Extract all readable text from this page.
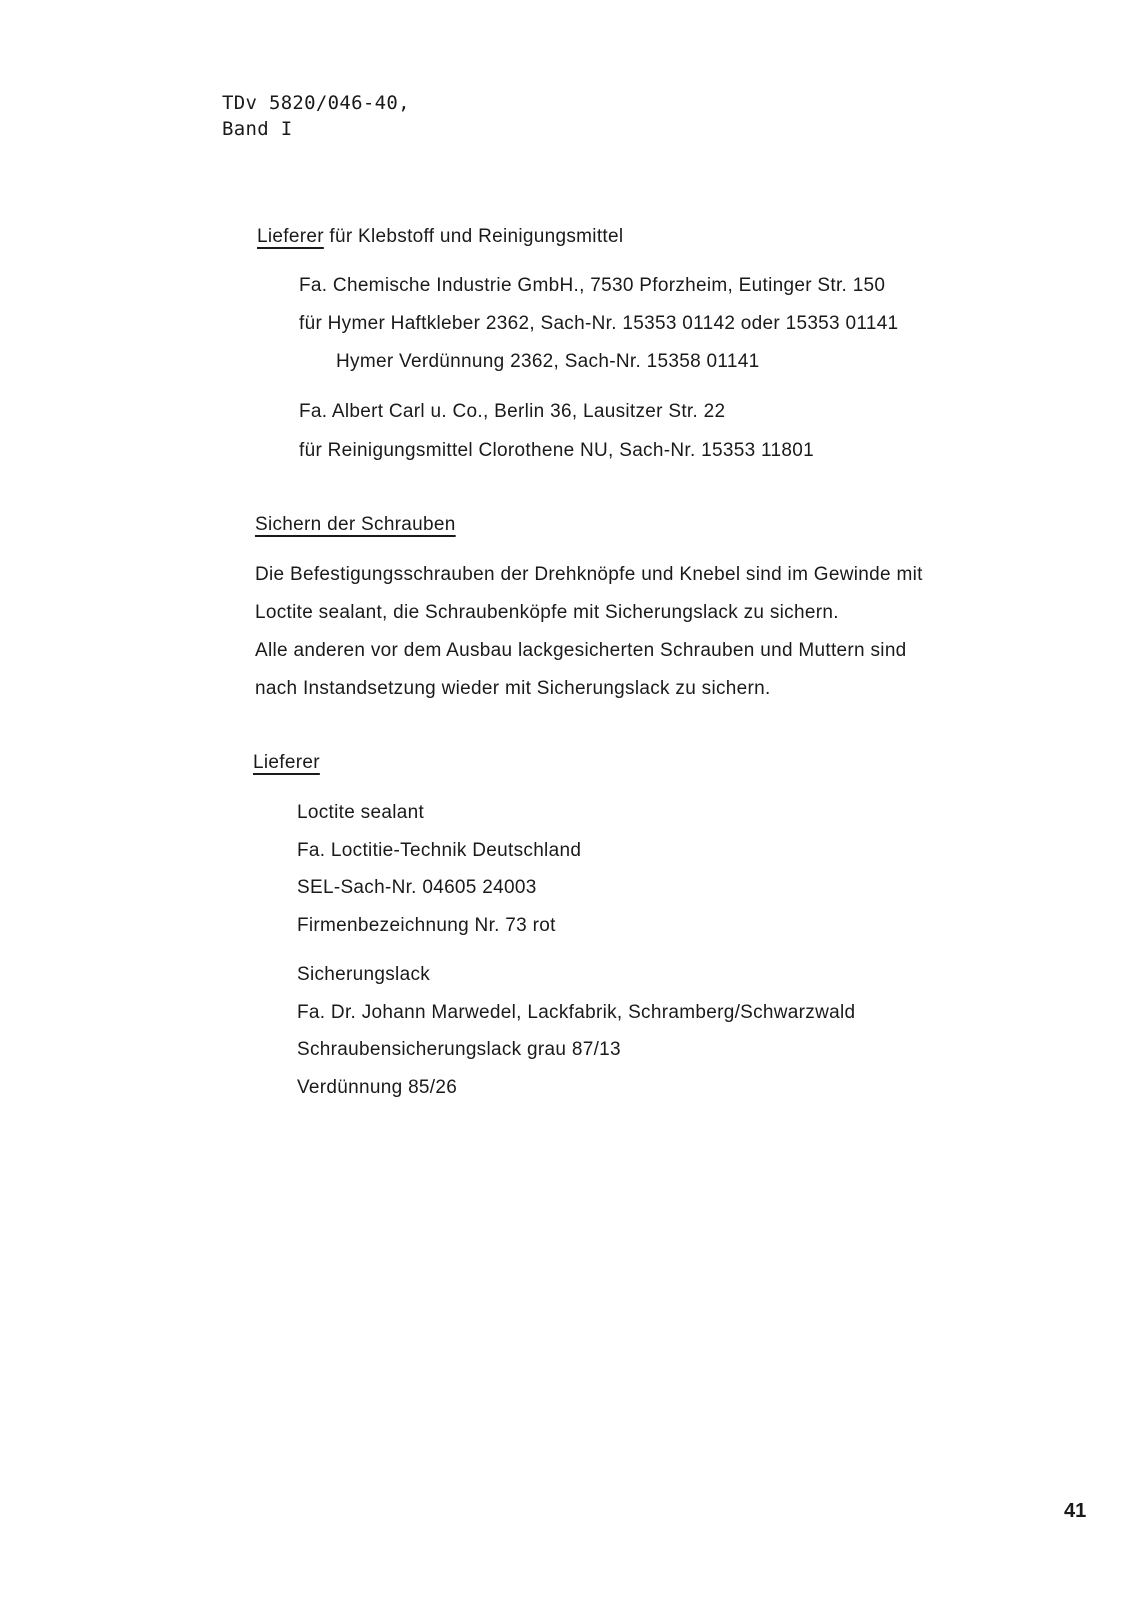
TDv 5820/046-40,
Band I
Lieferer für Klebstoff und Reinigungsmittel
Fa. Chemische Industrie GmbH., 7530 Pforzheim, Eutinger Str. 150
für Hymer Haftkleber 2362, Sach-Nr. 15353 01142 oder 15353 01141
Hymer Verdünnung 2362, Sach-Nr. 15358 01141
Fa. Albert Carl u. Co., Berlin 36, Lausitzer Str. 22
für Reinigungsmittel Clorothene NU, Sach-Nr. 15353 11801
Sichern der Schrauben
Die Befestigungsschrauben der Drehknöpfe und Knebel sind im Gewinde mit
Loctite sealant, die Schraubenköpfe mit Sicherungslack zu sichern.
Alle anderen vor dem Ausbau lackgesicherten Schrauben und Muttern sind
nach Instandsetzung wieder mit Sicherungslack zu sichern.
Lieferer
Loctite sealant
Fa. Loctitie-Technik Deutschland
SEL-Sach-Nr. 04605 24003
Firmenbezeichnung Nr. 73 rot
Sicherungslack
Fa. Dr. Johann Marwedel, Lackfabrik, Schramberg/Schwarzwald
Schraubensicherungslack grau 87/13
Verdünnung 85/26
41
